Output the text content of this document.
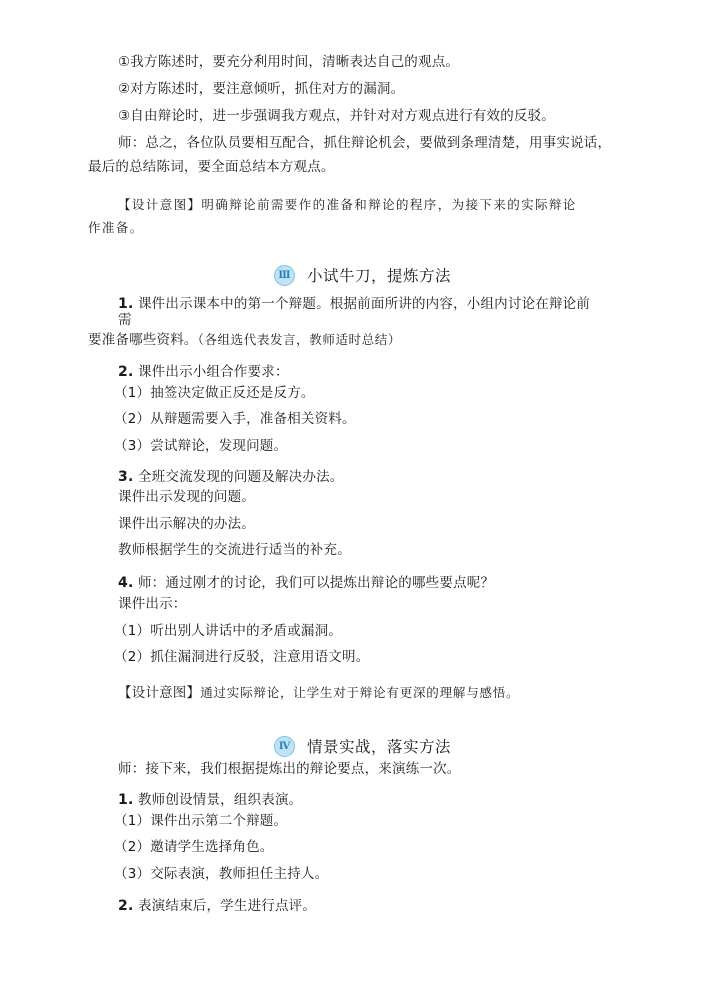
①我方陈述时，要充分利用时间，清晰表达自己的观点。
②对方陈述时，要注意倾听，抓住对方的漏洞。
③自由辩论时，进一步强调我方观点，并针对对方观点进行有效的反驳。
师：总之，各位队员要相互配合，抓住辩论机会，要做到条理清楚，用事实说话，
最后的总结陈词，要全面总结本方观点。
【设计意图】明确辩论前需要作的准备和辩论的程序，为接下来的实际辩论
作准备。
Ⅲ 小试牛刀，提炼方法
1. 课件出示课本中的第一个辩题。根据前面所讲的内容，小组内讨论在辩论前
需
要准备哪些资料。（各组选代表发言，教师适时总结）
2. 课件出示小组合作要求：
（1）抽签决定做正反还是反方。
（2）从辩题需要入手，准备相关资料。
（3）尝试辩论，发现问题。
3. 全班交流发现的问题及解决办法。
课件出示发现的问题。
课件出示解决的办法。
教师根据学生的交流进行适当的补充。
4. 师：通过刚才的讨论，我们可以提炼出辩论的哪些要点呢？
课件出示：
（1）听出别人讲话中的矛盾或漏洞。
（2）抓住漏洞进行反驳，注意用语文明。
【设计意图】通过实际辩论，让学生对于辩论有更深的理解与感悟。
Ⅳ	情景实战，落实方法
师：接下来，我们根据提炼出的辩论要点，来演练一次。
1. 教师创设情景，组织表演。
（1）课件出示第二个辩题。
（2）邀请学生选择角色。
（3）交际表演，教师担任主持人。
2. 表演结束后，学生进行点评。
